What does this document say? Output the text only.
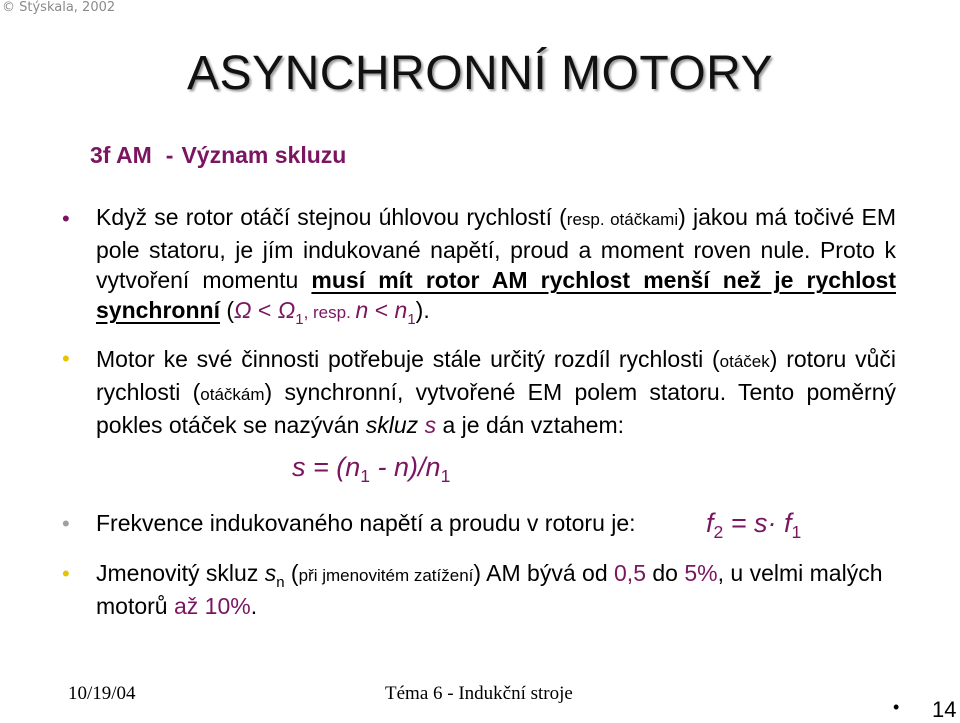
© Stýskala, 2002
ASYNCHRONNÍ MOTORY
3f AM - Význam skluzu
• Když se rotor otáčí stejnou úhlovou rychlostí (resp. otáčkami) jakou má točivé EM pole statoru, je jím indukované napětí, proud a moment roven nule. Proto k vytvoření momentu musí mít rotor AM rychlost menší než je rychlost synchronní ($\Omega < \Omega_1$, resp. $n < n_1$).
• Motor ke své činnosti potřebuje stále určitý rozdíl rychlosti (otáček) rotoru vůči rychlosti (otáčkám) synchronní, vytvořené EM polem statoru. Tento poměrný pokles otáček se nazýván skluz s a je dán vztahem:
$s = (n_1 - n)/n_1$
• Frekvence indukovaného napětí a proudu v rotoru je:	$f_2 = s\cdot f_1$
• Jmenovitý skluz $s_n$ (při jmenovitém zatížení) AM bývá od 0,5 do 5%, u velmi malých motorů až 10%.
10/19/04	Téma 6 - Indukční stroje
• 14
